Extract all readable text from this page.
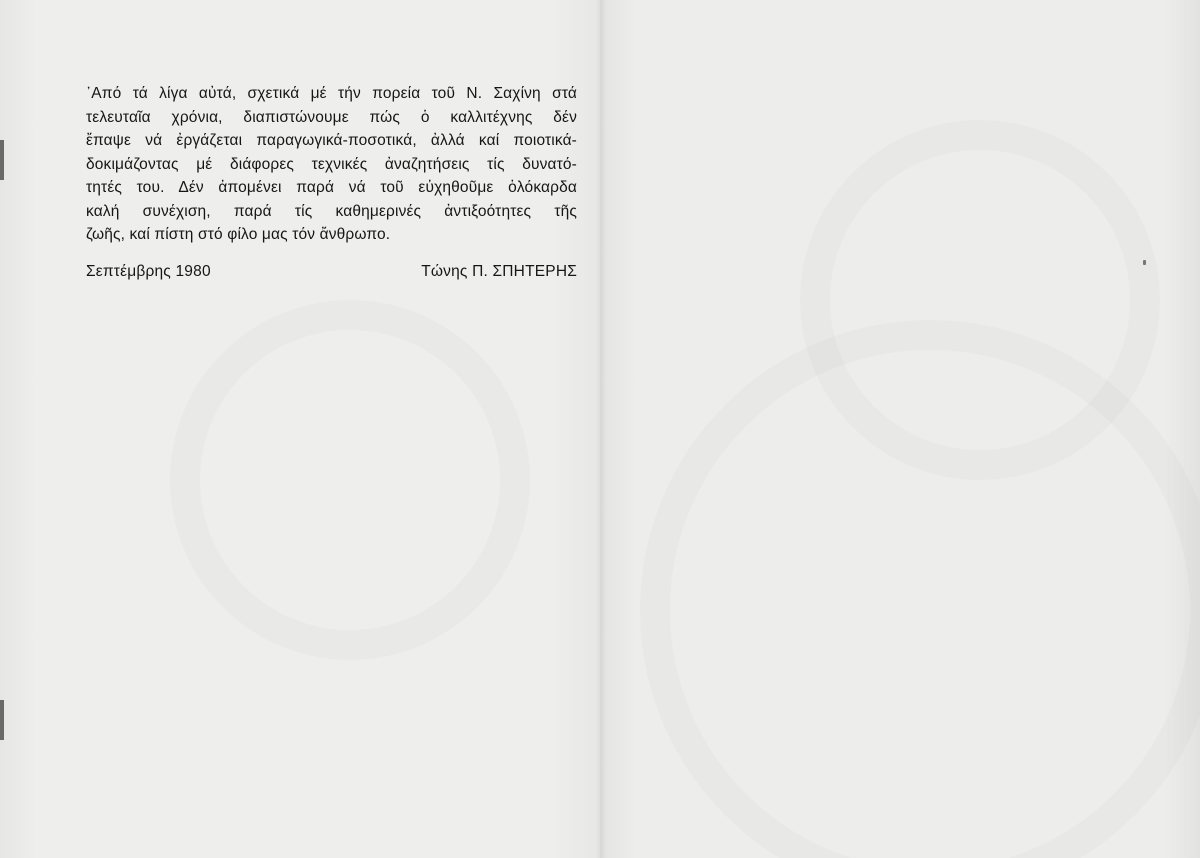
᾿Από τά λίγα αὐτά, σχετικά μέ τήν πορεία τοῦ Ν. Σαχίνη στά
τελευταῖα χρόνια, διαπιστώνουμε πώς ὁ καλλιτέχνης δέν
ἔπαψε νά ἐργάζεται παραγωγικά-ποσοτικά, ἀλλά καί ποιοτικά-
δοκιμάζοντας μέ διάφορες τεχνικές ἀναζητήσεις τίς δυνατό-
τητές του. Δέν ἀπομένει παρά νά τοῦ εὐχηθοῦμε ὁλόκαρδα
καλή συνέχιση, παρά τίς καθημερινές ἀντιξοότητες τῆς
ζωῆς, καί πίστη στό φίλο μας τόν ἄνθρωπο.
Σεπτέμβρης 1980	Τώνης Π. ΣΠΗΤΕΡΗΣ
